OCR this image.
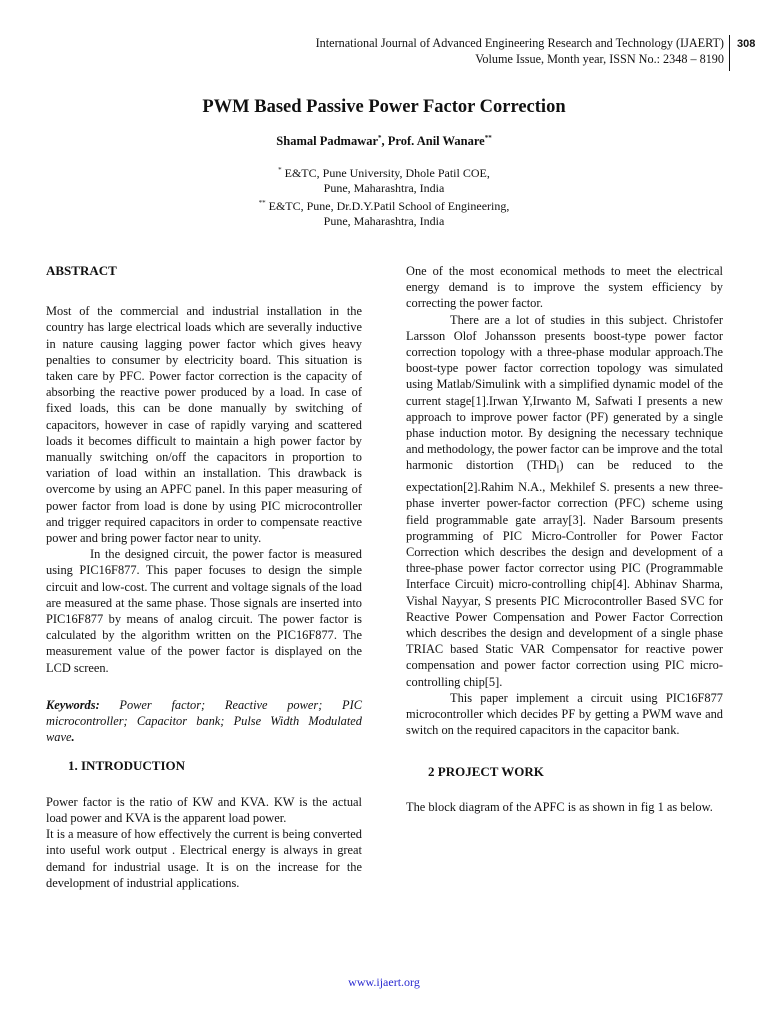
International Journal of Advanced Engineering Research and Technology (IJAERT)
Volume Issue, Month year, ISSN No.: 2348 – 8190
308
PWM Based Passive Power Factor Correction
Shamal Padmawar*, Prof. Anil Wanare**
* E&TC, Pune University, Dhole Patil COE,
Pune, Maharashtra, India
** E&TC, Pune, Dr.D.Y.Patil School of Engineering,
Pune, Maharashtra, India
ABSTRACT

Most of the commercial and industrial installation in the country has large electrical loads which are severally inductive in nature causing lagging power factor which gives heavy penalties to consumer by electricity board. This situation is taken care by PFC. Power factor correction is the capacity of absorbing the reactive power produced by a load. In case of fixed loads, this can be done manually by switching of capacitors, however in case of rapidly varying and scattered loads it becomes difficult to maintain a high power factor by manually switching on/off the capacitors in proportion to variation of load within an installation. This drawback is overcome by using an APFC panel. In this paper measuring of power factor from load is done by using PIC microcontroller and trigger required capacitors in order to compensate reactive power and bring power factor near to unity.

In the designed circuit, the power factor is measured using PIC16F877. This paper focuses to design the simple circuit and low-cost. The current and voltage signals of the load are measured at the same phase. Those signals are inserted into PIC16F877 by means of analog circuit. The power factor is calculated by the algorithm written on the PIC16F877. The measurement value of the power factor is displayed on the LCD screen.

Keywords: Power factor; Reactive power; PIC microcontroller; Capacitor bank; Pulse Width Modulated wave.

1. INTRODUCTION

Power factor is the ratio of KW and KVA. KW is the actual load power and KVA is the apparent load power.

It is a measure of how effectively the current is being converted into useful work output . Electrical energy is always in great demand for industrial usage. It is on the increase for the development of industrial applications.

One of the most economical methods to meet the electrical energy demand is to improve the system efficiency by correcting the power factor.

There are a lot of studies in this subject. Christofer Larsson Olof Johansson presents boost-type power factor correction topology with a three-phase modular approach.The boost-type power factor correction topology was simulated using Matlab/Simulink with a simplified dynamic model of the current stage[1].Irwan Y,Irwanto M, Safwati I presents a new approach to improve power factor (PF) generated by a single phase induction motor. By designing the necessary technique and methodology, the power factor can be improve and the total harmonic distortion $(THD_i)$ can be reduced to the expectation[2].Rahim N.A., Mekhilef S. presents a new three-phase inverter power-factor correction (PFC) scheme using field programmable gate array[3]. Nader Barsoum presents programming of PIC Micro-Controller for Power Factor Correction which describes the design and development of a three-phase power factor corrector using PIC (Programmable Interface Circuit) micro-controlling chip[4]. Abhinav Sharma, Vishal Nayyar, S presents PIC Microcontroller Based SVC for Reactive Power Compensation and Power Factor Correction which describes the design and development of a single phase TRIAC based Static VAR Compensator for reactive power compensation and power factor correction using PIC micro-controlling chip[5].

This paper implement a circuit using PIC16F877 microcontroller which decides PF by getting a PWM wave and switch on the required capacitors in the capacitor bank.

2 PROJECT WORK

The block diagram of the APFC is as shown in fig 1 as below.

www.ijaert.org
